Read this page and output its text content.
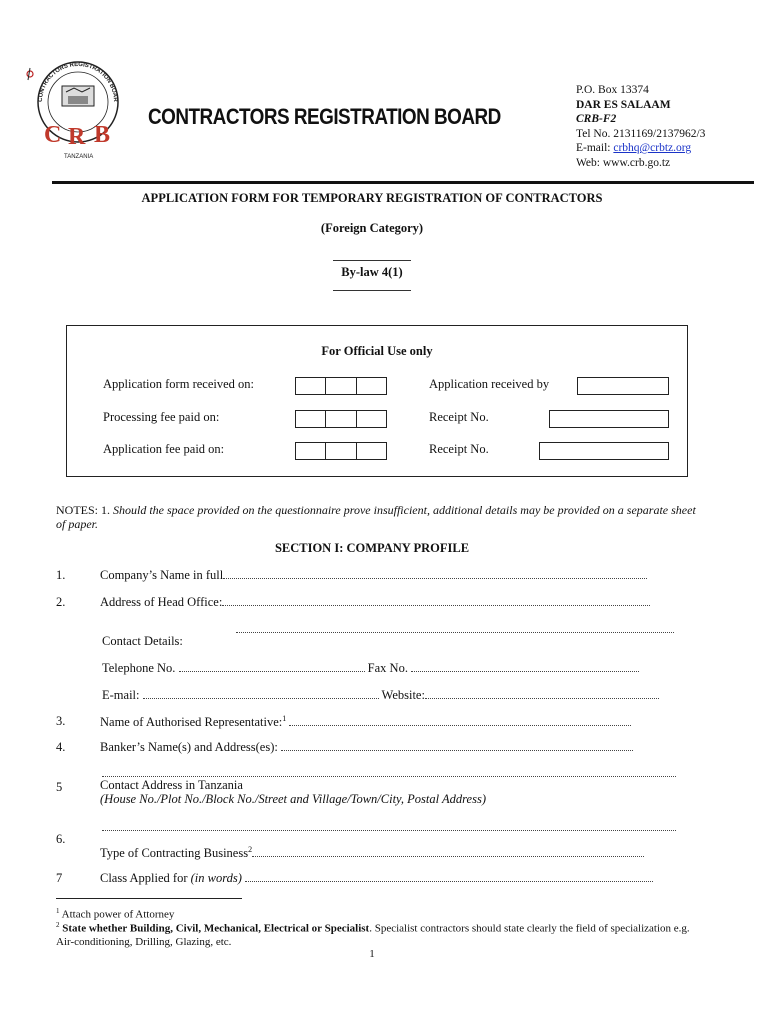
C R B
TANZANIA
CONTRACTORS REGISTRATION BOAR
CONTRACTORS REGISTRATION BOARD
P.O. Box 13374
DAR ES SALAAM
CRB-F2
Tel No. 2131169/2137962/3
E-mail: crbhq@crbtz.org
Web: www.crb.go.tz
APPLICATION FORM FOR TEMPORARY REGISTRATION OF CONTRACTORS
(Foreign Category)
By-law 4(1)
For Official Use only
Application form received on:	Application received by
Processing fee paid on:	Receipt No.
Application fee paid on:	Receipt No.
NOTES: 1. Should the space provided on the questionnaire prove insufficient, additional details may be provided on a separate sheet of paper.
SECTION I: COMPANY PROFILE
1.	Company’s Name in full
2.	Address of Head Office:
Contact Details:
Telephone No.	Fax No.
E-mail:	Website:
3.	Name of Authorised Representative:$^1$
4.	Banker’s Name(s) and Address(es):
5	Contact Address in Tanzania
(House No./Plot No./Block No./Street and Village/Town/City, Postal Address)
6.
Type of Contracting Business$^2$
7	Class Applied for (in words)
$^1$ Attach power of Attorney
$^2$ State whether Building, Civil, Mechanical, Electrical or Specialist. Specialist contractors should state clearly the field of specialization e.g. Air-conditioning, Drilling, Glazing, etc.
1
